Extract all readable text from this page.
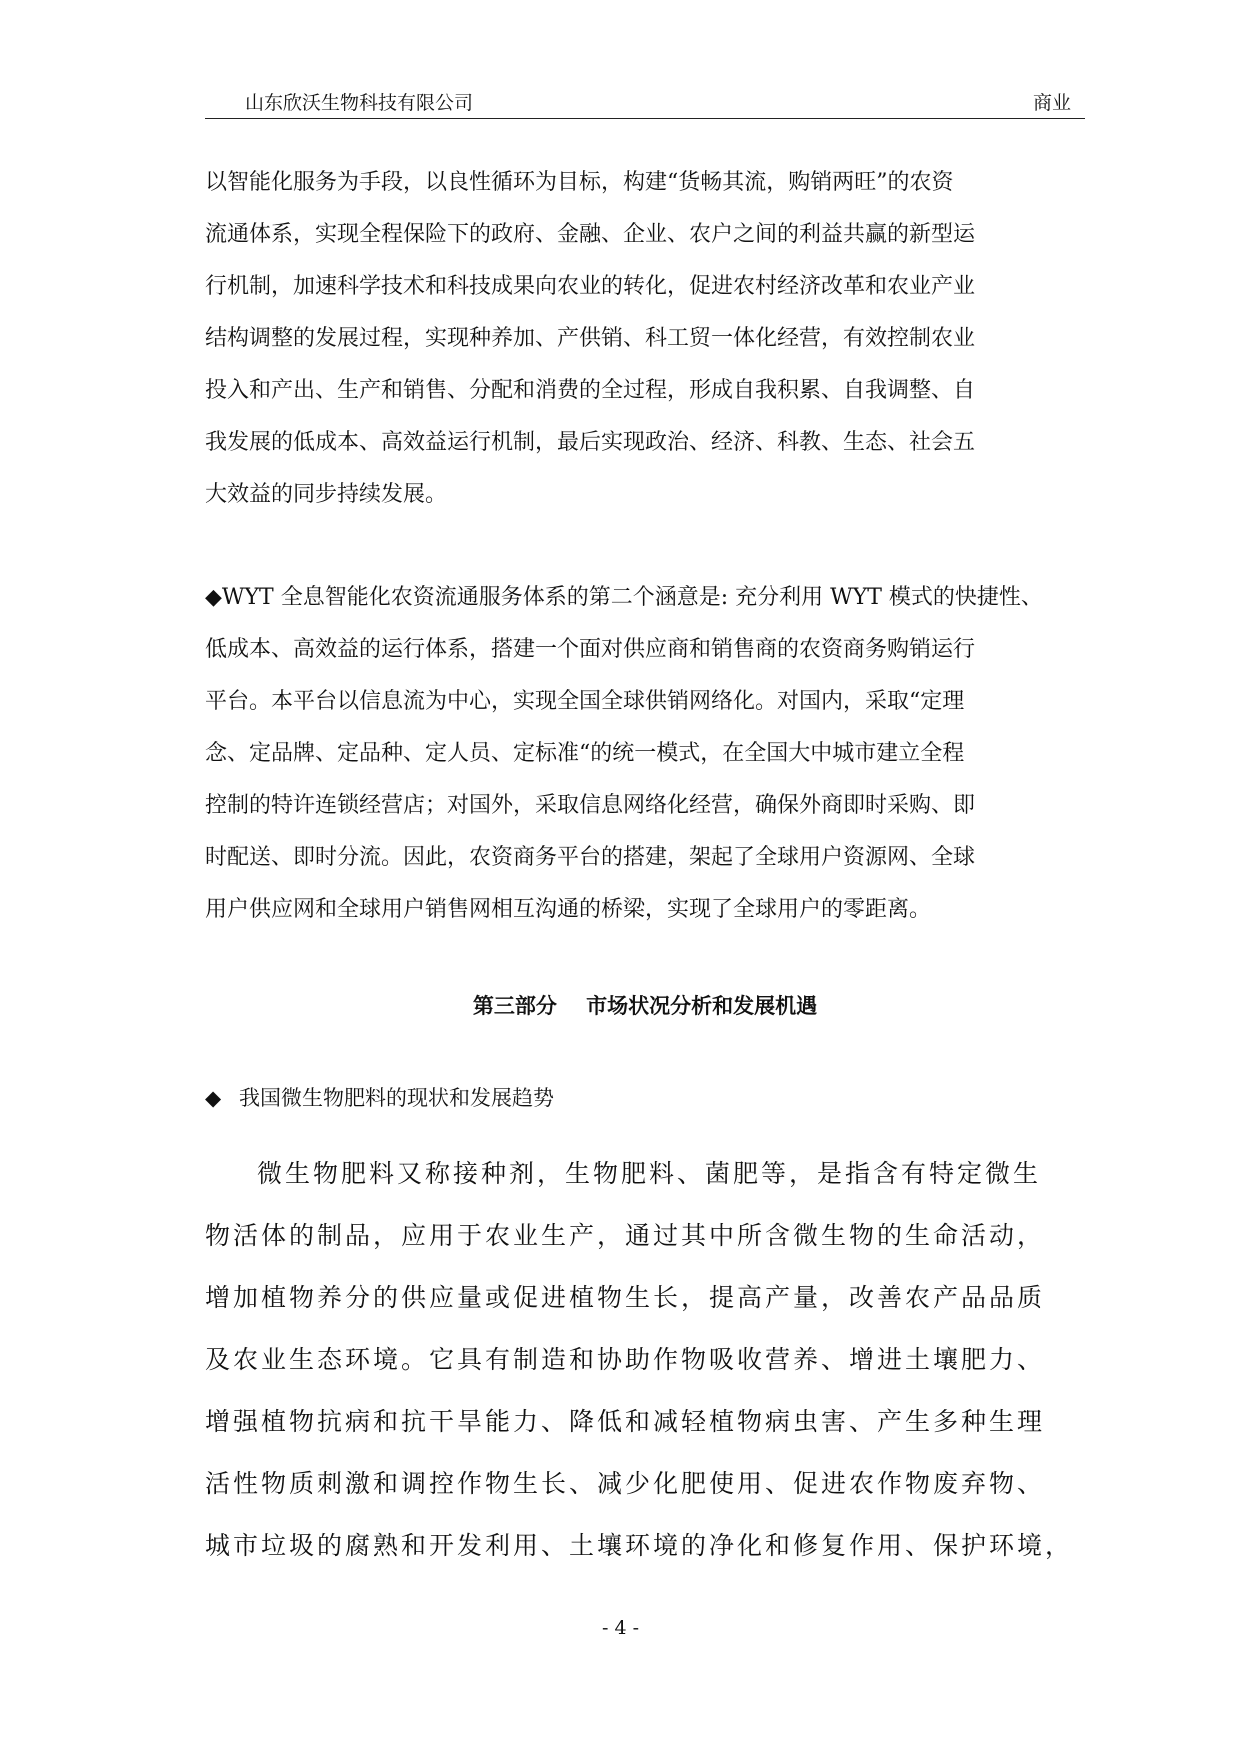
山东欣沃生物科技有限公司	商业

以智能化服务为手段，以良性循环为目标，构建“货畅其流，购销两旺”的农资

流通体系，实现全程保险下的政府、金融、企业、农户之间的利益共赢的新型运

行机制，加速科学技术和科技成果向农业的转化，促进农村经济改革和农业产业

结构调整的发展过程，实现种养加、产供销、科工贸一体化经营，有效控制农业

投入和产出、生产和销售、分配和消费的全过程，形成自我积累、自我调整、自

我发展的低成本、高效益运行机制，最后实现政治、经济、科教、生态、社会五

大效益的同步持续发展。

◆WYT 全息智能化农资流通服务体系的第二个涵意是: 充分利用 WYT 模式的快捷性、

低成本、高效益的运行体系，搭建一个面对供应商和销售商的农资商务购销运行

平台。本平台以信息流为中心，实现全国全球供销网络化。对国内，采取“定理

念、定品牌、定品种、定人员、定标准“的统一模式，在全国大中城市建立全程

控制的特许连锁经营店；对国外，采取信息网络化经营，确保外商即时采购、即

时配送、即时分流。因此，农资商务平台的搭建，架起了全球用户资源网、全球

用户供应网和全球用户销售网相互沟通的桥梁，实现了全球用户的零距离。

第三部分    市场状况分析和发展机遇
◆ 我国微生物肥料的现状和发展趋势

微生物肥料又称接种剂，生物肥料、菌肥等，是指含有特定微生

物活体的制品，应用于农业生产，通过其中所含微生物的生命活动，

增加植物养分的供应量或促进植物生长，提高产量，改善农产品品质

及农业生态环境。它具有制造和协助作物吸收营养、增进土壤肥力、

增强植物抗病和抗干旱能力、降低和减轻植物病虫害、产生多种生理

活性物质刺激和调控作物生长、减少化肥使用、促进农作物废弃物、

城市垃圾的腐熟和开发利用、土壤环境的净化和修复作用、保护环境，

- 4 -
